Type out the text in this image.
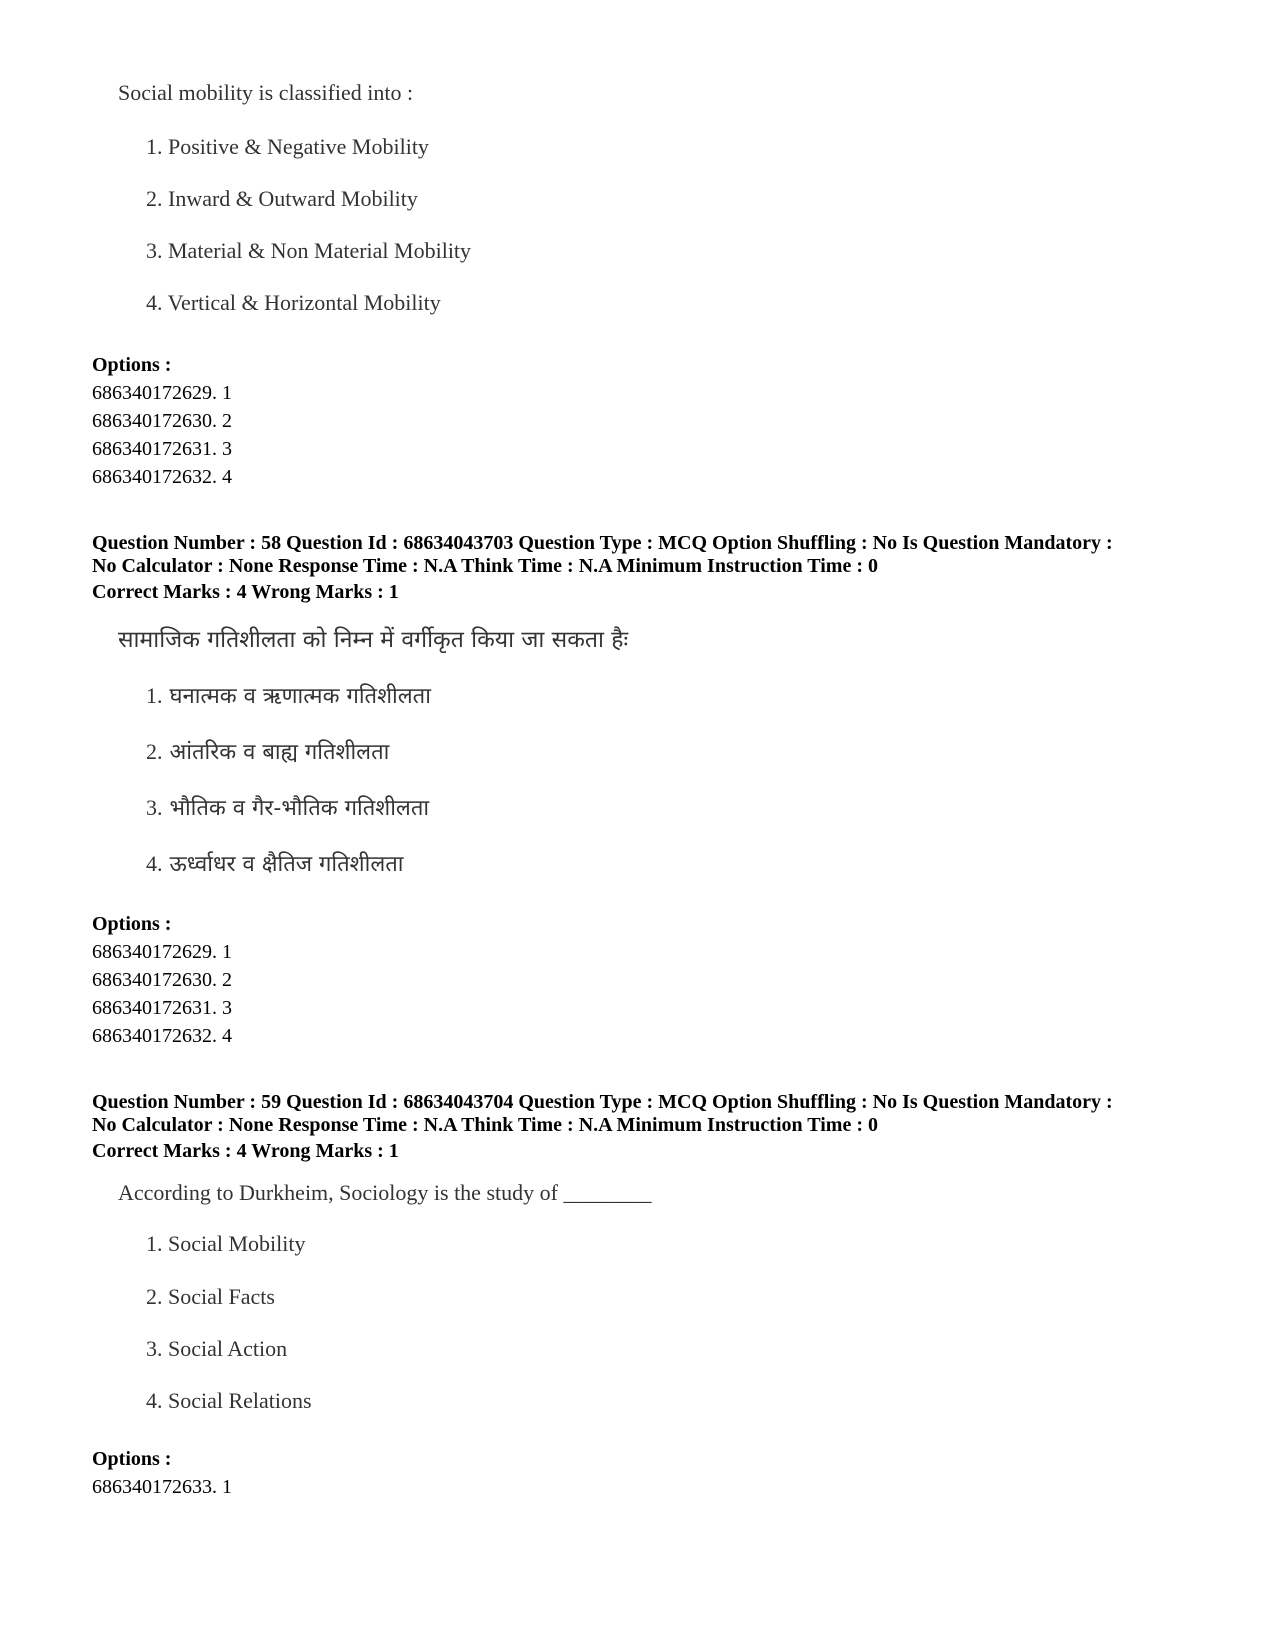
Social mobility is classified into :
1. Positive & Negative Mobility
2. Inward & Outward Mobility
3. Material & Non Material Mobility
4. Vertical & Horizontal Mobility
Options :
686340172629. 1
686340172630. 2
686340172631. 3
686340172632. 4
Question Number : 58 Question Id : 68634043703 Question Type : MCQ Option Shuffling : No Is Question Mandatory :
No Calculator : None Response Time : N.A Think Time : N.A Minimum Instruction Time : 0
Correct Marks : 4 Wrong Marks : 1
सामाजिक गतिशीलता को निम्न में वर्गीकृत किया जा सकता हैः
1. घनात्मक व ऋणात्मक गतिशीलता
2. आंतरिक व बाह्य गतिशीलता
3. भौतिक व गैर-भौतिक गतिशीलता
4. ऊर्ध्वाधर व क्षैतिज गतिशीलता
Options :
686340172629. 1
686340172630. 2
686340172631. 3
686340172632. 4
Question Number : 59 Question Id : 68634043704 Question Type : MCQ Option Shuffling : No Is Question Mandatory :
No Calculator : None Response Time : N.A Think Time : N.A Minimum Instruction Time : 0
Correct Marks : 4 Wrong Marks : 1
According to Durkheim, Sociology is the study of ________
1. Social Mobility
2. Social Facts
3. Social Action
4. Social Relations
Options :
686340172633. 1
